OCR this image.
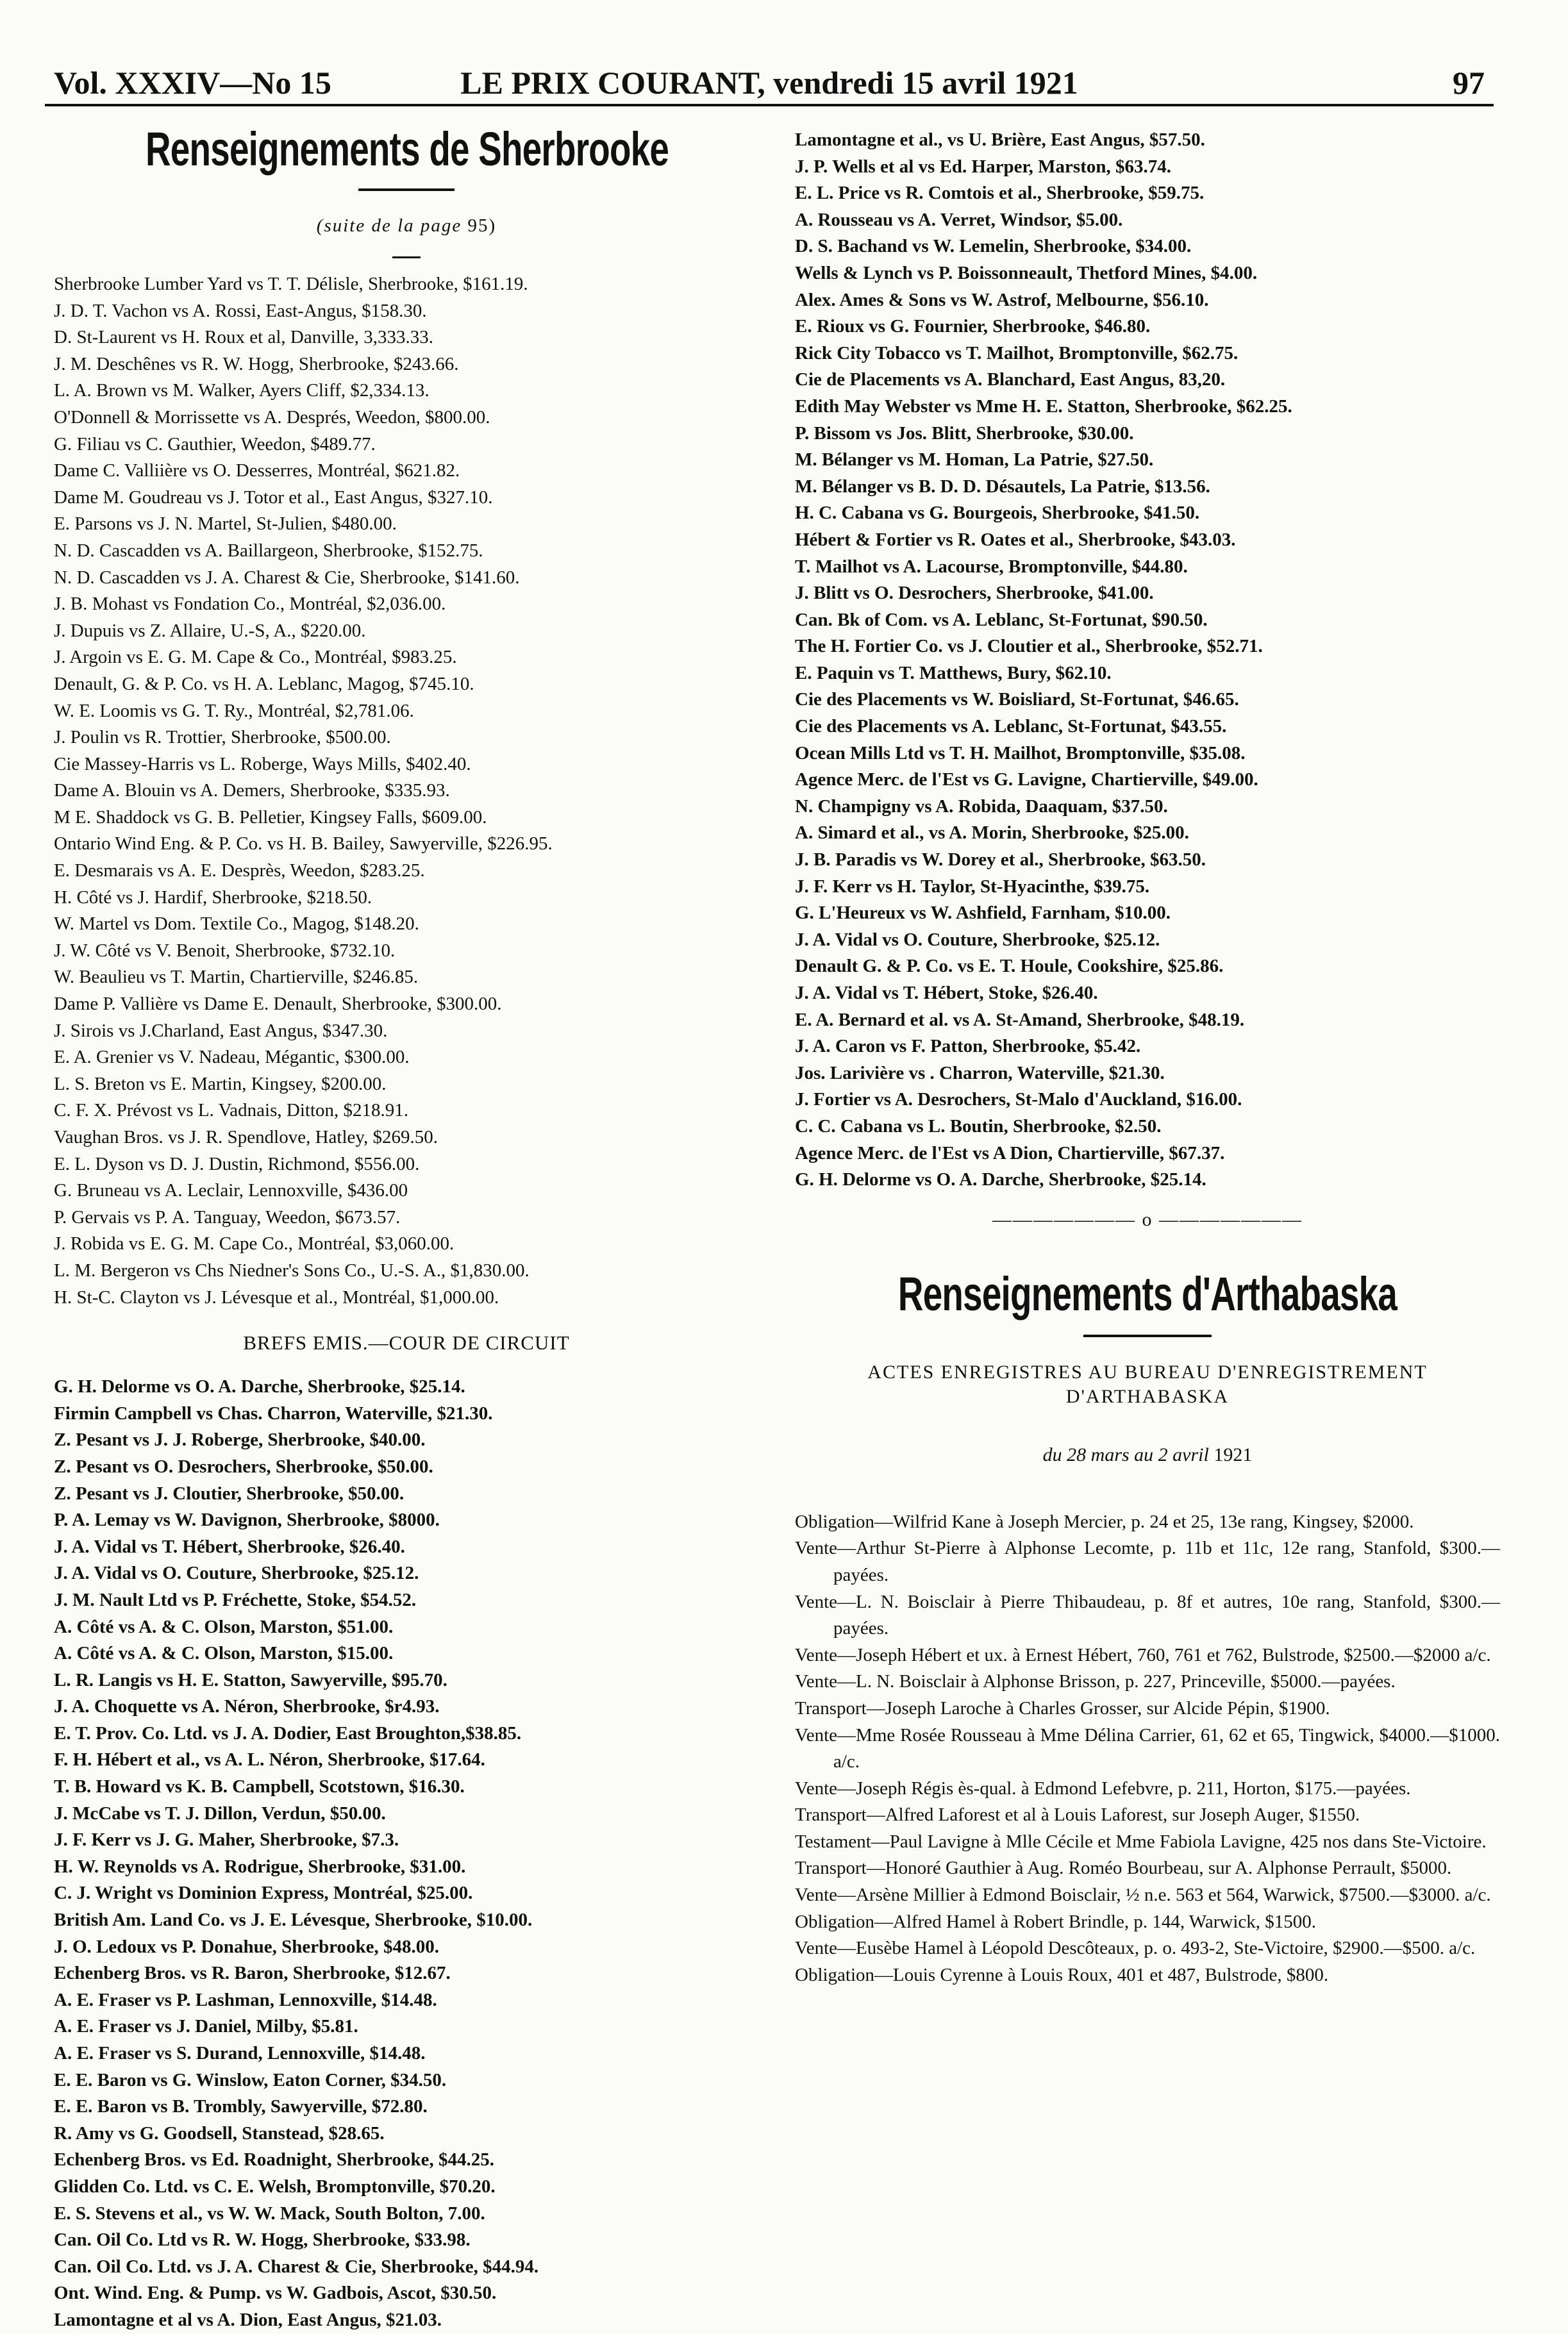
LE PRIX COURANT, vendredi 15 avril 1921
Vol. XXXIV—No 15	97
Renseignements de Sherbrooke
(suite de la page 95)
Sherbrooke Lumber Yard vs T. T. Délisle, Sherbrooke, $161.19.
J. D. T. Vachon vs A. Rossi, East-Angus, $158.30.
D. St-Laurent vs H. Roux et al, Danville, 3,333.33.
J. M. Deschênes vs R. W. Hogg, Sherbrooke, $243.66.
L. A. Brown vs M. Walker, Ayers Cliff, $2,334.13.
O'Donnell & Morrissette vs A. Després, Weedon, $800.00.
G. Filiau vs C. Gauthier, Weedon, $489.77.
Dame C. Valliière vs O. Desserres, Montréal, $621.82.
Dame M. Goudreau vs J. Totor et al., East Angus, $327.10.
E. Parsons vs J. N. Martel, St-Julien, $480.00.
N. D. Cascadden vs A. Baillargeon, Sherbrooke, $152.75.
N. D. Cascadden vs J. A. Charest & Cie, Sherbrooke, $141.60.
J. B. Mohast vs Fondation Co., Montréal, $2,036.00.
J. Dupuis vs Z. Allaire, U.-S, A., $220.00.
J. Argoin vs E. G. M. Cape & Co., Montréal, $983.25.
Denault, G. & P. Co. vs H. A. Leblanc, Magog, $745.10.
W. E. Loomis vs G. T. Ry., Montréal, $2,781.06.
J. Poulin vs R. Trottier, Sherbrooke, $500.00.
Cie Massey-Harris vs L. Roberge, Ways Mills, $402.40.
Dame A. Blouin vs A. Demers, Sherbrooke, $335.93.
M E. Shaddock vs G. B. Pelletier, Kingsey Falls, $609.00.
Ontario Wind Eng. & P. Co. vs H. B. Bailey, Sawyerville, $226.95.
E. Desmarais vs A. E. Desprès, Weedon, $283.25.
H. Côté vs J. Hardif, Sherbrooke, $218.50.
W. Martel vs Dom. Textile Co., Magog, $148.20.
J. W. Côté vs V. Benoit, Sherbrooke, $732.10.
W. Beaulieu vs T. Martin, Chartierville, $246.85.
Dame P. Vallière vs Dame E. Denault, Sherbrooke, $300.00.
J. Sirois vs J.Charland, East Angus, $347.30.
E. A. Grenier vs V. Nadeau, Mégantic, $300.00.
L. S. Breton vs E. Martin, Kingsey, $200.00.
C. F. X. Prévost vs L. Vadnais, Ditton, $218.91.
Vaughan Bros. vs J. R. Spendlove, Hatley, $269.50.
E. L. Dyson vs D. J. Dustin, Richmond, $556.00.
G. Bruneau vs A. Leclair, Lennoxville, $436.00
P. Gervais vs P. A. Tanguay, Weedon, $673.57.
J. Robida vs E. G. M. Cape Co., Montréal, $3,060.00.
L. M. Bergeron vs Chs Niedner's Sons Co., U.-S. A., $1,830.00.
H. St-C. Clayton vs J. Lévesque et al., Montréal, $1,000.00.

BREFS EMIS.—COUR DE CIRCUIT

G. H. Delorme vs O. A. Darche, Sherbrooke, $25.14.
Firmin Campbell vs Chas. Charron, Waterville, $21.30.
Z. Pesant vs J. J. Roberge, Sherbrooke, $40.00.
Z. Pesant vs O. Desrochers, Sherbrooke, $50.00.
Z. Pesant vs J. Cloutier, Sherbrooke, $50.00.
P. A. Lemay vs W. Davignon, Sherbrooke, $8000.
J. A. Vidal vs T. Hébert, Sherbrooke, $26.40.
J. A. Vidal vs O. Couture, Sherbrooke, $25.12.
J. M. Nault Ltd vs P. Fréchette, Stoke, $54.52.
A. Côté vs A. & C. Olson, Marston, $51.00.
A. Côté vs A. & C. Olson, Marston, $15.00.
L. R. Langis vs H. E. Statton, Sawyerville, $95.70.
J. A. Choquette vs A. Néron, Sherbrooke, $r4.93.
E. T. Prov. Co. Ltd. vs J. A. Dodier, East Broughton,$38.85.
F. H. Hébert et al., vs A. L. Néron, Sherbrooke, $17.64.
T. B. Howard vs K. B. Campbell, Scotstown, $16.30.
J. McCabe vs T. J. Dillon, Verdun, $50.00.
J. F. Kerr vs J. G. Maher, Sherbrooke, $7.3.
H. W. Reynolds vs A. Rodrigue, Sherbrooke, $31.00.
C. J. Wright vs Dominion Express, Montréal, $25.00.
British Am. Land Co. vs J. E. Lévesque, Sherbrooke, $10.00.
J. O. Ledoux vs P. Donahue, Sherbrooke, $48.00.
Echenberg Bros. vs R. Baron, Sherbrooke, $12.67.
A. E. Fraser vs P. Lashman, Lennoxville, $14.48.
A. E. Fraser vs J. Daniel, Milby, $5.81.
A. E. Fraser vs S. Durand, Lennoxville, $14.48.
E. E. Baron vs G. Winslow, Eaton Corner, $34.50.
E. E. Baron vs B. Trombly, Sawyerville, $72.80.
R. Amy vs G. Goodsell, Stanstead, $28.65.
Echenberg Bros. vs Ed. Roadnight, Sherbrooke, $44.25.
Glidden Co. Ltd. vs C. E. Welsh, Bromptonville, $70.20.
E. S. Stevens et al., vs W. W. Mack, South Bolton, 7.00.
Can. Oil Co. Ltd vs R. W. Hogg, Sherbrooke, $33.98.
Can. Oil Co. Ltd. vs J. A. Charest & Cie, Sherbrooke, $44.94.
Ont. Wind. Eng. & Pump. vs W. Gadbois, Ascot, $30.50.
Lamontagne et al vs A. Dion, East Angus, $21.03.
Lamontagne et al., vs U. Brière, East Angus, $57.50.
J. P. Wells et al vs Ed. Harper, Marston, $63.74.
E. L. Price vs R. Comtois et al., Sherbrooke, $59.75.
A. Rousseau vs A. Verret, Windsor, $5.00.
D. S. Bachand vs W. Lemelin, Sherbrooke, $34.00.
Wells & Lynch vs P. Boissonneault, Thetford Mines, $4.00.
Alex. Ames & Sons vs W. Astrof, Melbourne, $56.10.
E. Rioux vs G. Fournier, Sherbrooke, $46.80.
Rick City Tobacco vs T. Mailhot, Bromptonville, $62.75.
Cie de Placements vs A. Blanchard, East Angus, 83,20.
Edith May Webster vs Mme H. E. Statton, Sherbrooke, $62.25.
P. Bissom vs Jos. Blitt, Sherbrooke, $30.00.
M. Bélanger vs M. Homan, La Patrie, $27.50.
M. Bélanger vs B. D. D. Désautels, La Patrie, $13.56.
H. C. Cabana vs G. Bourgeois, Sherbrooke, $41.50.
Hébert & Fortier vs R. Oates et al., Sherbrooke, $43.03.
T. Mailhot vs A. Lacourse, Bromptonville, $44.80.
J. Blitt vs O. Desrochers, Sherbrooke, $41.00.
Can. Bk of Com. vs A. Leblanc, St-Fortunat, $90.50.
The H. Fortier Co. vs J. Cloutier et al., Sherbrooke, $52.71.
E. Paquin vs T. Matthews, Bury, $62.10.
Cie des Placements vs W. Boisliard, St-Fortunat, $46.65.
Cie des Placements vs A. Leblanc, St-Fortunat, $43.55.
Ocean Mills Ltd vs T. H. Mailhot, Bromptonville, $35.08.
Agence Merc. de l'Est vs G. Lavigne, Chartierville, $49.00.
N. Champigny vs A. Robida, Daaquam, $37.50.
A. Simard et al., vs A. Morin, Sherbrooke, $25.00.
J. B. Paradis vs W. Dorey et al., Sherbrooke, $63.50.
J. F. Kerr vs H. Taylor, St-Hyacinthe, $39.75.
G. L'Heureux vs W. Ashfield, Farnham, $10.00.
J. A. Vidal vs O. Couture, Sherbrooke, $25.12.
Denault G. & P. Co. vs E. T. Houle, Cookshire, $25.86.
J. A. Vidal vs T. Hébert, Stoke, $26.40.
E. A. Bernard et al. vs A. St-Amand, Sherbrooke, $48.19.
J. A. Caron vs F. Patton, Sherbrooke, $5.42.
Jos. Larivière vs . Charron, Waterville, $21.30.
J. Fortier vs A. Desrochers, St-Malo d'Auckland, $16.00.
C. C. Cabana vs L. Boutin, Sherbrooke, $2.50.
Agence Merc. de l'Est vs A Dion, Chartierville, $67.37.
G. H. Delorme vs O. A. Darche, Sherbrooke, $25.14.
——————— o ———————
Renseignements d'Arthabaska

ACTES ENREGISTRES AU BUREAU D'ENREGISTREMENT

D'ARTHABASKA

du 28 mars au 2 avril 1921

Obligation—Wilfrid Kane à Joseph Mercier, p. 24 et 25, 13e rang, Kingsey, $2000.
Vente—Arthur St-Pierre à Alphonse Lecomte, p. 11b et 11c, 12e rang, Stanfold, $300.—payées.
Vente—L. N. Boisclair à Pierre Thibaudeau, p. 8f et autres, 10e rang, Stanfold, $300.—payées.
Vente—Joseph Hébert et ux. à Ernest Hébert, 760, 761 et 762, Bulstrode, $2500.—$2000 a/c.
Vente—L. N. Boisclair à Alphonse Brisson, p. 227, Princeville, $5000.—payées.
Transport—Joseph Laroche à Charles Grosser, sur Alcide Pépin, $1900.
Vente—Mme Rosée Rousseau à Mme Délina Carrier, 61, 62 et 65, Tingwick, $4000.—$1000. a/c.
Vente—Joseph Régis ès-qual. à Edmond Lefebvre, p. 211, Horton, $175.—payées.
Transport—Alfred Laforest et al à Louis Laforest, sur Joseph Auger, $1550.
Testament—Paul Lavigne à Mlle Cécile et Mme Fabiola Lavigne, 425 nos dans Ste-Victoire.
Transport—Honoré Gauthier à Aug. Roméo Bourbeau, sur A. Alphonse Perrault, $5000.
Vente—Arsène Millier à Edmond Boisclair, ½ n.e. 563 et 564, Warwick, $7500.—$3000. a/c.
Obligation—Alfred Hamel à Robert Brindle, p. 144, Warwick, $1500.
Vente—Eusèbe Hamel à Léopold Descôteaux, p. o. 493-2, Ste-Victoire, $2900.—$500. a/c.
Obligation—Louis Cyrenne à Louis Roux, 401 et 487, Bulstrode, $800.
